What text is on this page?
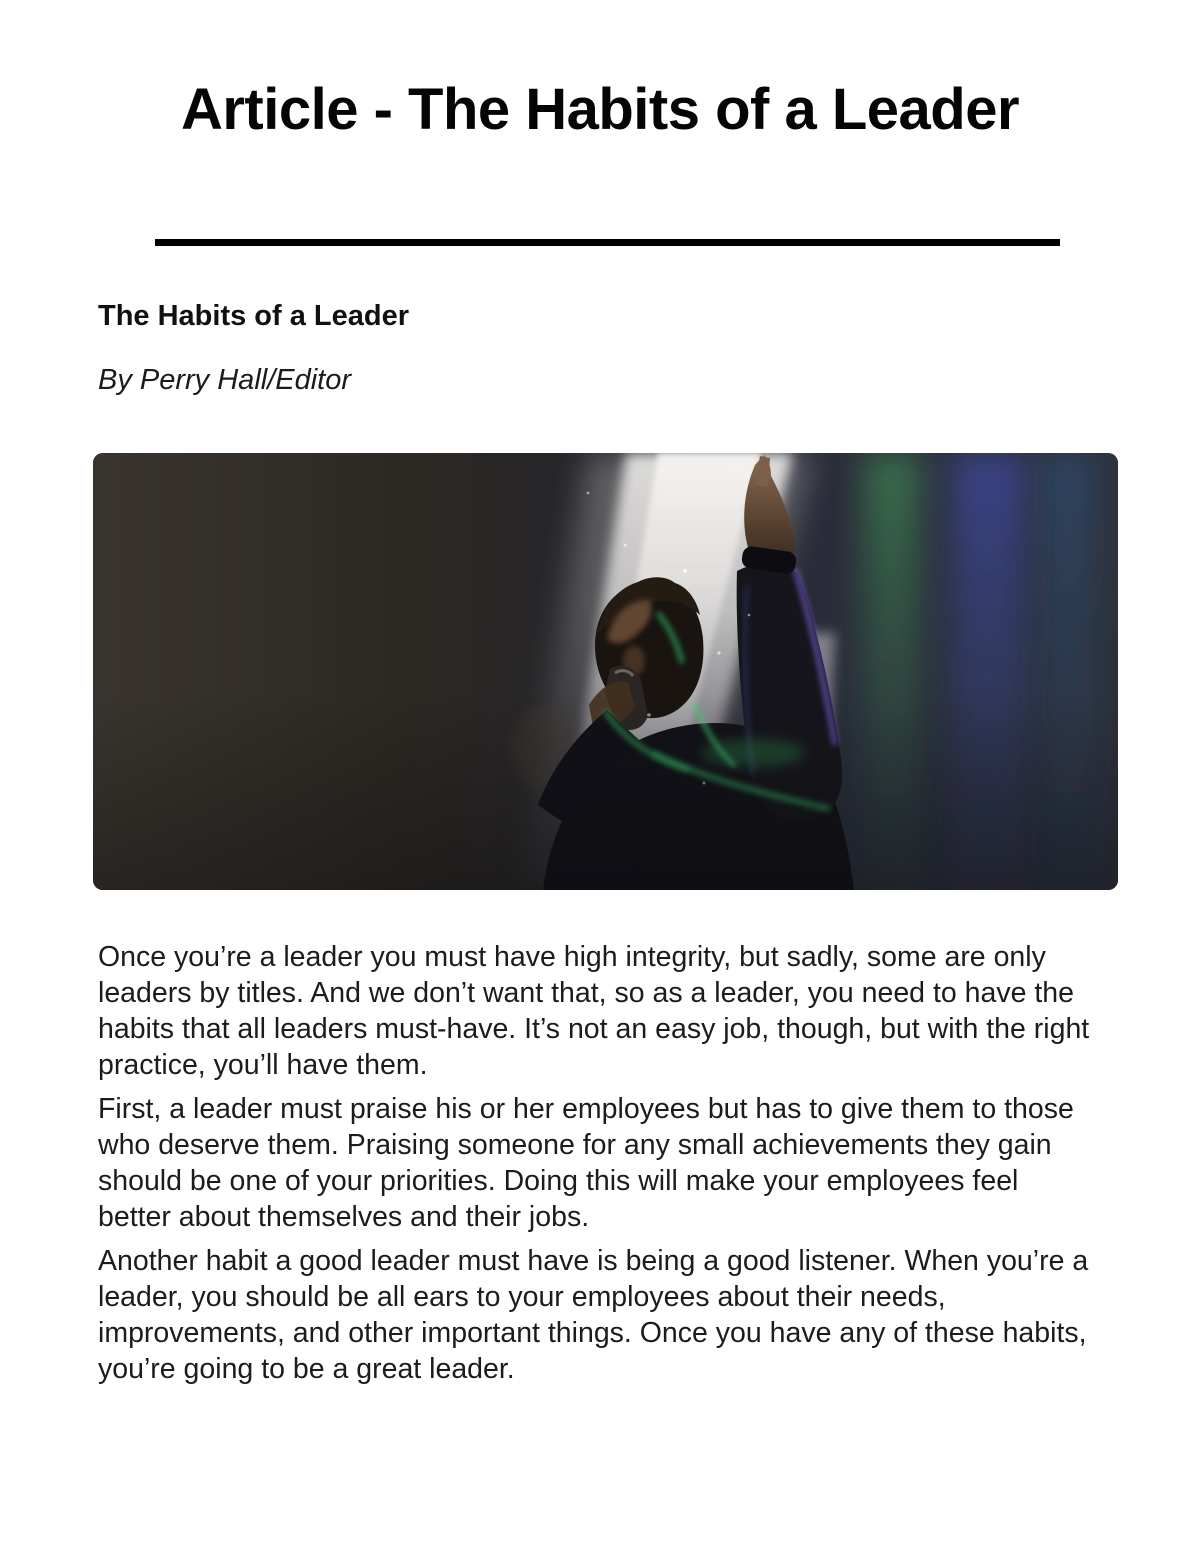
Article - The Habits of a Leader
The Habits of a Leader

By Perry Hall/Editor

Once you’re a leader you must have high integrity, but sadly, some are only leaders by titles. And we don’t want that, so as a leader, you need to have the habits that all leaders must-have. It’s not an easy job, though, but with the right practice, you’ll have them.

First, a leader must praise his or her employees but has to give them to those who deserve them. Praising someone for any small achievements they gain should be one of your priorities. Doing this will make your employees feel better about themselves and their jobs.

Another habit a good leader must have is being a good listener. When you’re a leader, you should be all ears to your employees about their needs, improvements, and other important things. Once you have any of these habits, you’re going to be a great leader.
